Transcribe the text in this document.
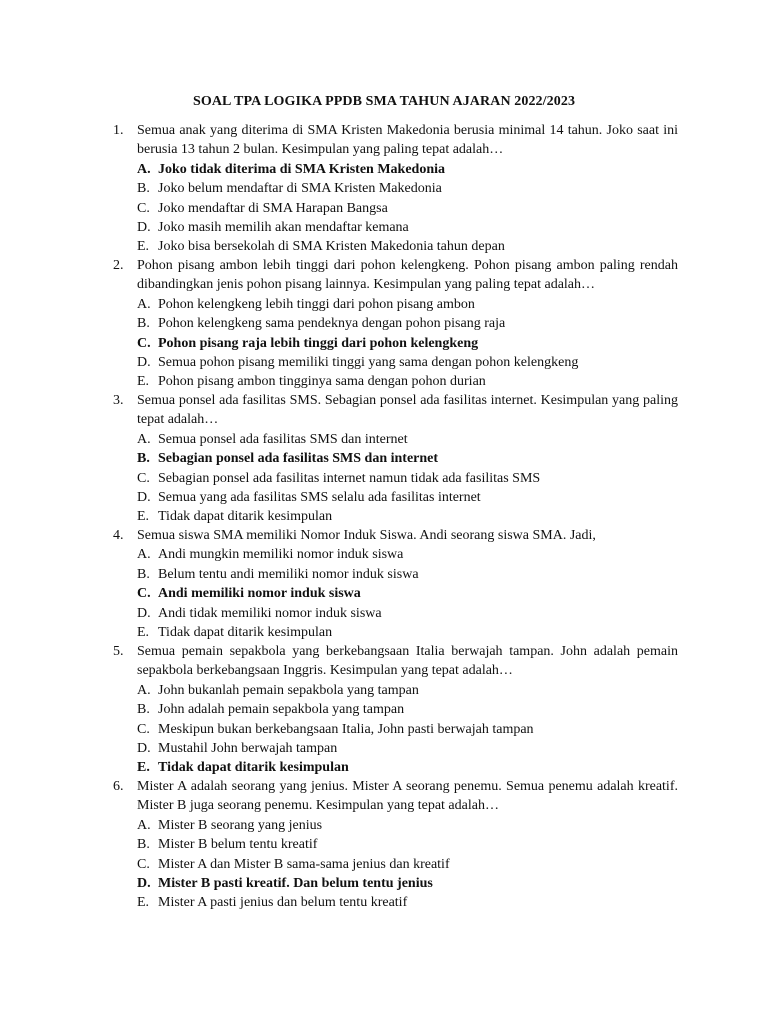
SOAL TPA LOGIKA PPDB SMA TAHUN AJARAN 2022/2023
1. Semua anak yang diterima di SMA Kristen Makedonia berusia minimal 14 tahun. Joko saat ini berusia 13 tahun 2 bulan. Kesimpulan yang paling tepat adalah…
A. Joko tidak diterima di SMA Kristen Makedonia
B. Joko belum mendaftar di SMA Kristen Makedonia
C. Joko mendaftar di SMA Harapan Bangsa
D. Joko masih memilih akan mendaftar kemana
E. Joko bisa bersekolah di SMA Kristen Makedonia tahun depan
2. Pohon pisang ambon lebih tinggi dari pohon kelengkeng. Pohon pisang ambon paling rendah dibandingkan jenis pohon pisang lainnya. Kesimpulan yang paling tepat adalah…
A. Pohon kelengkeng lebih tinggi dari pohon pisang ambon
B. Pohon kelengkeng sama pendeknya dengan pohon pisang raja
C. Pohon pisang raja lebih tinggi dari pohon kelengkeng
D. Semua pohon pisang memiliki tinggi yang sama dengan pohon kelengkeng
E. Pohon pisang ambon tingginya sama dengan pohon durian
3. Semua ponsel ada fasilitas SMS. Sebagian ponsel ada fasilitas internet. Kesimpulan yang paling tepat adalah…
A. Semua ponsel ada fasilitas SMS dan internet
B. Sebagian ponsel ada fasilitas SMS dan internet
C. Sebagian ponsel ada fasilitas internet namun tidak ada fasilitas SMS
D. Semua yang ada fasilitas SMS selalu ada fasilitas internet
E. Tidak dapat ditarik kesimpulan
4. Semua siswa SMA memiliki Nomor Induk Siswa. Andi seorang siswa SMA. Jadi,
A. Andi mungkin memiliki nomor induk siswa
B. Belum tentu andi memiliki nomor induk siswa
C. Andi memiliki nomor induk siswa
D. Andi tidak memiliki nomor induk siswa
E. Tidak dapat ditarik kesimpulan
5. Semua pemain sepakbola yang berkebangsaan Italia berwajah tampan. John adalah pemain sepakbola berkebangsaan Inggris. Kesimpulan yang tepat adalah…
A. John bukanlah pemain sepakbola yang tampan
B. John adalah pemain sepakbola yang tampan
C. Meskipun bukan berkebangsaan Italia, John pasti berwajah tampan
D. Mustahil John berwajah tampan
E. Tidak dapat ditarik kesimpulan
6. Mister A adalah seorang yang jenius. Mister A seorang penemu. Semua penemu adalah kreatif. Mister B juga seorang penemu. Kesimpulan yang tepat adalah…
A. Mister B seorang yang jenius
B. Mister B belum tentu kreatif
C. Mister A dan Mister B sama-sama jenius dan kreatif
D. Mister B pasti kreatif. Dan belum tentu jenius
E. Mister A pasti jenius dan belum tentu kreatif
